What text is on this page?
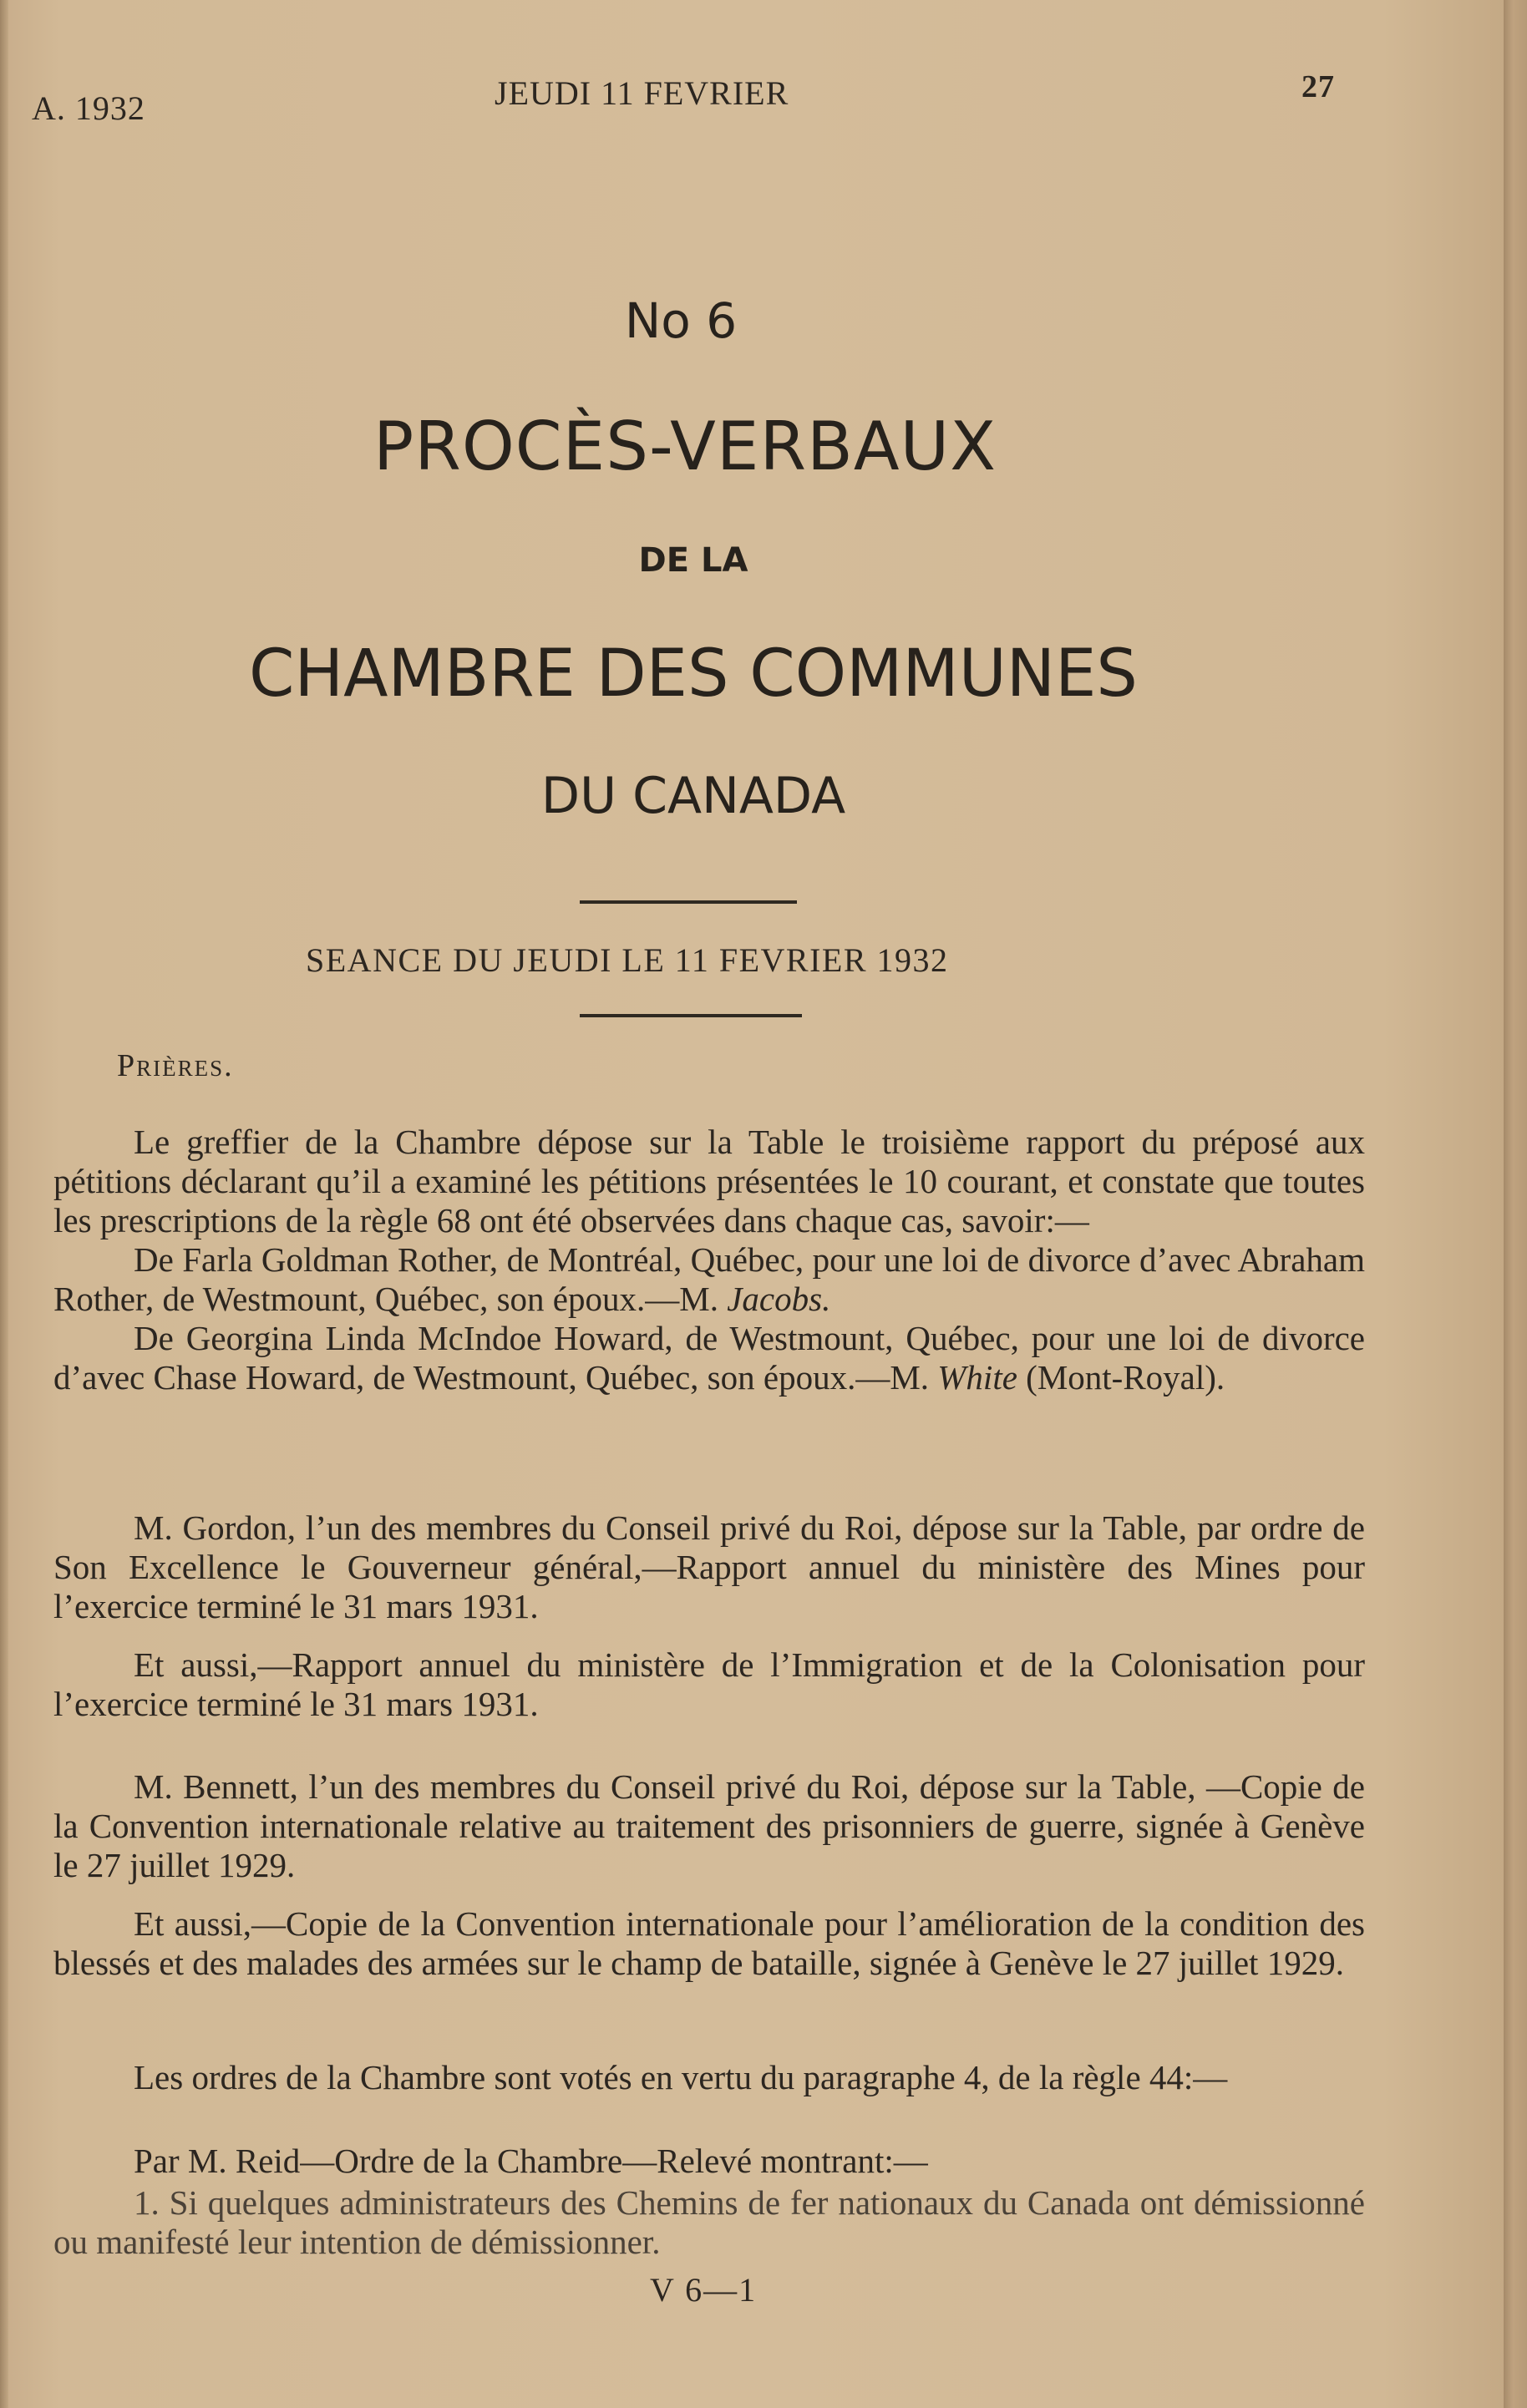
A. 1932	JEUDI 11 FEVRIER	27
No 6
PROCÈS-VERBAUX
DE LA
CHAMBRE DES COMMUNES
DU CANADA
SEANCE DU JEUDI LE 11 FEVRIER 1932
Prières.

Le greffier de la Chambre dépose sur la Table le troisième rapport du préposé aux pétitions déclarant qu’il a examiné les pétitions présentées le 10 courant, et constate que toutes les prescriptions de la règle 68 ont été observées dans chaque cas, savoir:—

De Farla Goldman Rother, de Montréal, Québec, pour une loi de divorce d’avec Abraham Rother, de Westmount, Québec, son époux.—M. Jacobs.

De Georgina Linda McIndoe Howard, de Westmount, Québec, pour une loi de divorce d’avec Chase Howard, de Westmount, Québec, son époux.—M. White (Mont-Royal).

M. Gordon, l’un des membres du Conseil privé du Roi, dépose sur la Table, par ordre de Son Excellence le Gouverneur général,—Rapport annuel du ministère des Mines pour l’exercice terminé le 31 mars 1931.

Et aussi,—Rapport annuel du ministère de l’Immigration et de la Colonisation pour l’exercice terminé le 31 mars 1931.

M. Bennett, l’un des membres du Conseil privé du Roi, dépose sur la Table, —Copie de la Convention internationale relative au traitement des prisonniers de guerre, signée à Genève le 27 juillet 1929.

Et aussi,—Copie de la Convention internationale pour l’amélioration de la condition des blessés et des malades des armées sur le champ de bataille, signée à Genève le 27 juillet 1929.

Les ordres de la Chambre sont votés en vertu du paragraphe 4, de la règle 44:—

Par M. Reid—Ordre de la Chambre—Relevé montrant:—

1. Si quelques administrateurs des Chemins de fer nationaux du Canada ont démissionné ou manifesté leur intention de démissionner.

V 6—1
